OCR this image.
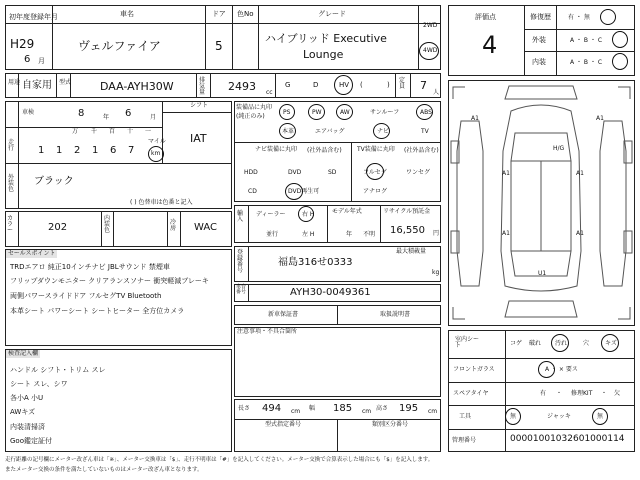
初年度登録年月
H29
6 月
車名
ヴェルファイア
ドア
5
色No	グレード
ハイブリッド Executive
Lounge
2WD
4WD
用途 自家用 型式	DAA-AYH30W	排気量	2493 cc
G	D	HV (	)
定員 7
人
評価点
4
修復歴	有 ・ 無
外装	A ・ B ・ C
内装	A ・ B ・ C
車検	8	年 6	月
シフト
IAT
走行
万 千 百 十 一
1 1 2 1 6 7
マイル
km
外装色
ブラック
( ) 色替車は色番と記入
カラー	202
内装色
冷房 WAC
セールスポイント
TRDエアロ 純正10インチナビ JBLサウンド 禁煙車
フリップダウンモニター クリアランスソナー 衝突軽減ブレーキ
両側パワースライドドア フルセグTV Bluetooth
本革シート パワーシート シートヒーター 全方位カメラ
検査記入欄
ハンドル シフト・トリム スレ
シート スレ、シワ
各小A 小U
AWキズ
内装清掃済
Goo鑑定証付
装備品に丸印
(純正のみ)
PS	PW	AW	サンルーフ	ABS
本革	エアバッグ	ナビ	TV
ナビ装備に丸印 (社外品含む)
HDD	DVD	SD
CD	DVD再生可
TV装備に丸印 (社外品含む)
フルセグ	ワンセグ
アナログ
輸入
ディーラー
並行
右 H
左 H
モデル年式
年 不明
リサイクル預託金
16,550 円
登録番号
最大積載量
福島316せ0333
kg
車台番号	AYH30-0049361
新車保証書	取扱説明書
注意事項・不具合箇所
長さ 494 cm 幅 185 cm 高さ 195 cm
型式指定番号	類別区分番号
A1	A1
A1	A1
H/G
A1	A1
U1
室内シート	コゲ 破れ 汚れ	穴	キズ
フロントガラス	A ・ × 要ス
スペアタイヤ	有 ・ 修理KIT ・ 欠
工具	無	ジャッキ	無
管理番号	00001001032601000114
走行距離の記号欄にメーター改ざん車は「※」、メーター交換車は「$」、走行不明車は「#」を記入してください。メーター交換で合算表示した場合にも「$」を記入します。
またメーター交換の条件を満たしていないものはメーター改ざん車となります。
